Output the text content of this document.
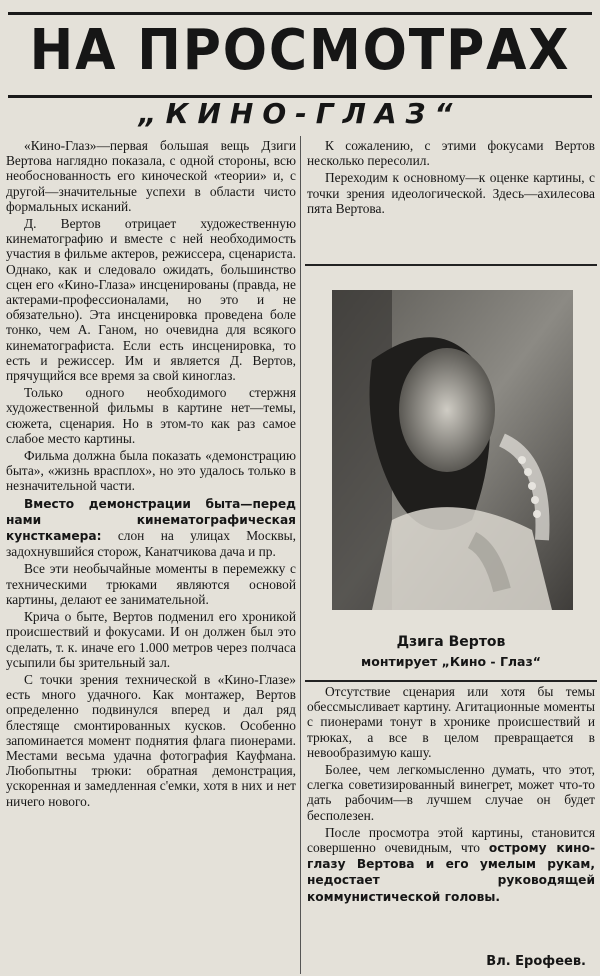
НА ПРОСМОТРАХ
„КИНО-ГЛАЗ“

«Кино-Глаз»—первая большая вещь Дзиги Вертова наглядно показала, с одной стороны, всю необоснованность его киноческой «теории» и, с другой—значительные успехи в области чисто формальных исканий.

Д. Вертов отрицает художественную кинематографию и вместе с ней необходимость участия в фильме актеров, режиссера, сценариста. Однако, как и следовало ожидать, большинство сцен его «Кино-Глаза» инсценированы (правда, не актерами-профессионалами, но это и не обязательно). Эта инсценировка проведена боле тонко, чем А. Ганом, но очевидна для всякого кинематографиста. Если есть инсценировка, то есть и режиссер. Им и является Д. Вертов, прячущийся все время за свой киноглаз.

Только одного необходимого стержня художественной фильмы в картине нет—темы, сюжета, сценария. Но в этом-то как раз самое слабое место картины.

Фильма должна была показать «демонстрацию быта», «жизнь врасплох», но это удалось только в незначительной части.

Вместо демонстрации быта—перед нами кинематографическая кунсткамера: слон на улицах Москвы, задохнувшийся сторож, Канатчикова дача и пр.

Все эти необычайные моменты в перемежку с техническими трюками являются основой картины, делают ее занимательной.

Крича о быте, Вертов подменил его хроникой происшествий и фокусами. И он должен был это сделать, т. к. иначе его 1.000 метров через полчаса усыпили бы зрительный зал.

С точки зрения технической в «Кино-Глазе» есть много удачного. Как монтажер, Вертов определенно подвинулся вперед и дал ряд блестяще смонтированных кусков. Особенно запоминается момент поднятия флага пионерами. Местами весьма удачна фотография Кауфмана. Любопытны трюки: обратная демонстрация, ускоренная и замедленная с'емки, хотя в них и нет ничего нового.

К сожалению, с этими фокусами Вертов несколько пересолил.

Переходим к основному—к оценке картины, с точки зрения идеологической. Здесь—ахилесова пята Вертова.

Дзига Вертов
монтирует „Кино - Глаз“

Отсутствие сценария или хотя бы темы обессмысливает картину. Агитационные моменты с пионерами тонут в хронике происшествий и трюках, а все в целом превращается в невообразимую кашу.

Более, чем легкомысленно думать, что этот, слегка советизированный винегрет, может что-то дать рабочим—в лучшем случае он будет бесполезен.

После просмотра этой картины, становится совершенно очевидным, что острому кино-глазу Вертова и его умелым рукам, недостает руководящей коммунистической головы.

Вл. Ерофеев.
